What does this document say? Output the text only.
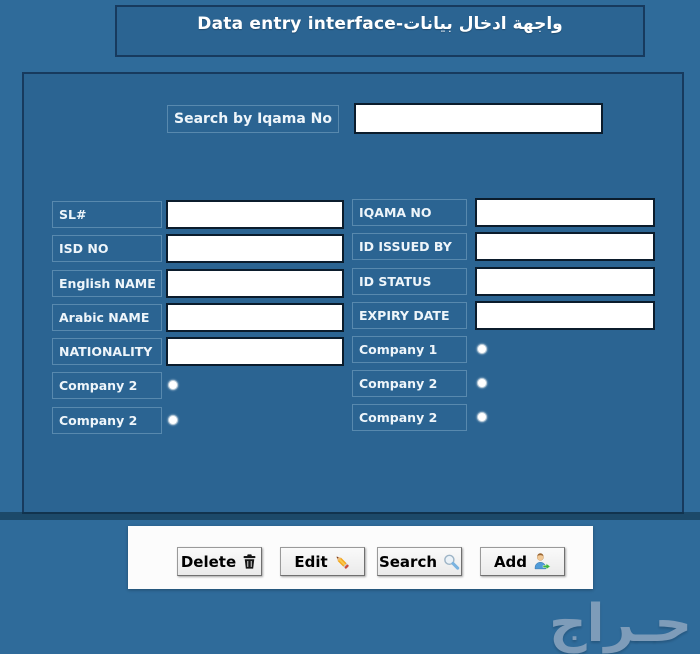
Data entry interface-واجهة ادخال بيانات
Search by Iqama No
SL#
ISD NO
English NAME
Arabic NAME
NATIONALITY
Company 2
Company 2
IQAMA NO
ID ISSUED BY
ID STATUS
EXPIRY DATE
Company 1
Company 2
Company 2
Delete	Edit	Search	Add
حـراج
